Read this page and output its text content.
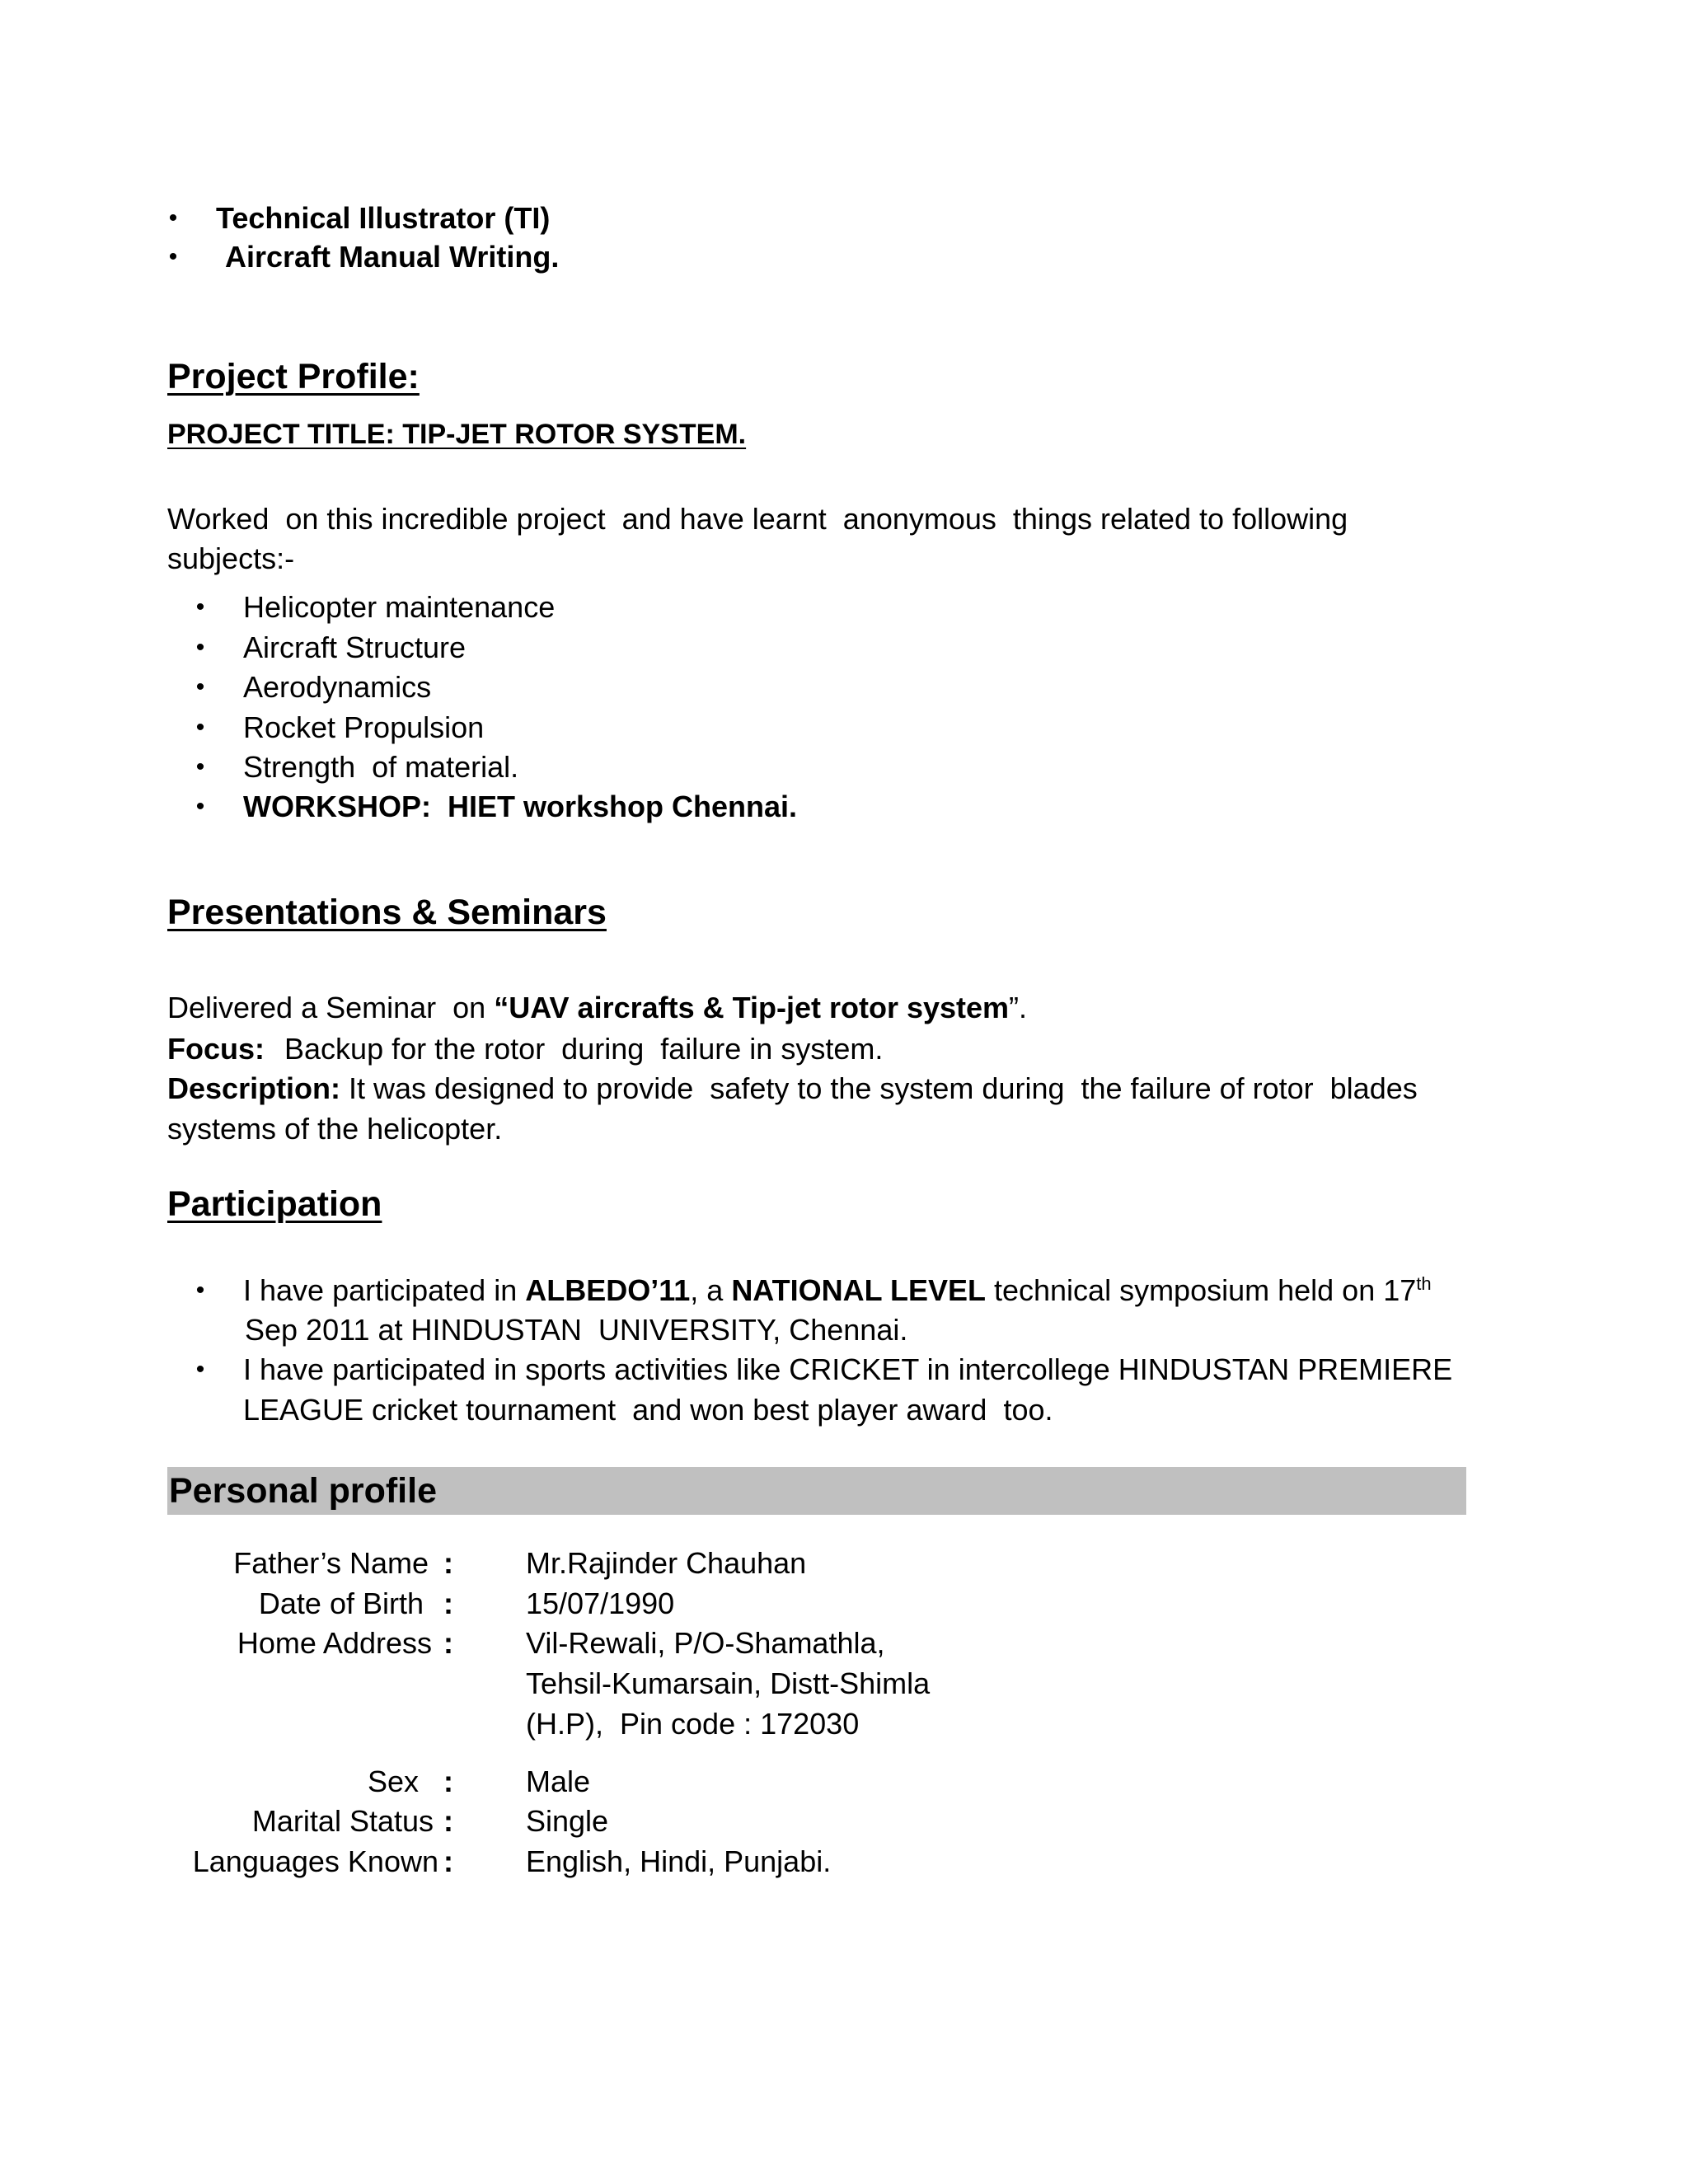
• Technical Illustrator (TI)
• Aircraft Manual Writing.
Project Profile:
PROJECT TITLE: TIP-JET ROTOR SYSTEM.
Worked  on this incredible project  and have learnt  anonymous  things related to following
subjects:-
• Helicopter maintenance
• Aircraft Structure
• Aerodynamics
• Rocket Propulsion
• Strength  of material.
• WORKSHOP:  HIET workshop Chennai.
Presentations & Seminars
Delivered a Seminar  on “UAV aircrafts & Tip-jet rotor system”.
Focus: Backup for the rotor  during  failure in system.
Description: It was designed to provide  safety to the system during  the failure of rotor  blades
systems of the helicopter.
Participation
• I have participated in ALBEDO’11, a NATIONAL LEVEL technical symposium held on 17th
Sep 2011 at HINDUSTAN  UNIVERSITY, Chennai.
• I have participated in sports activities like CRICKET in intercollege HINDUSTAN PREMIERE
LEAGUE cricket tournament  and won best player award  too.
Personal profile
Father’s Name : Mr.Rajinder Chauhan
Date of Birth : 15/07/1990
Home Address : Vil-Rewali, P/O-Shamathla,
Tehsil-Kumarsain, Distt-Shimla
(H.P),  Pin code : 172030
Sex : Male
Marital Status : Single
Languages Known : English, Hindi, Punjabi.
